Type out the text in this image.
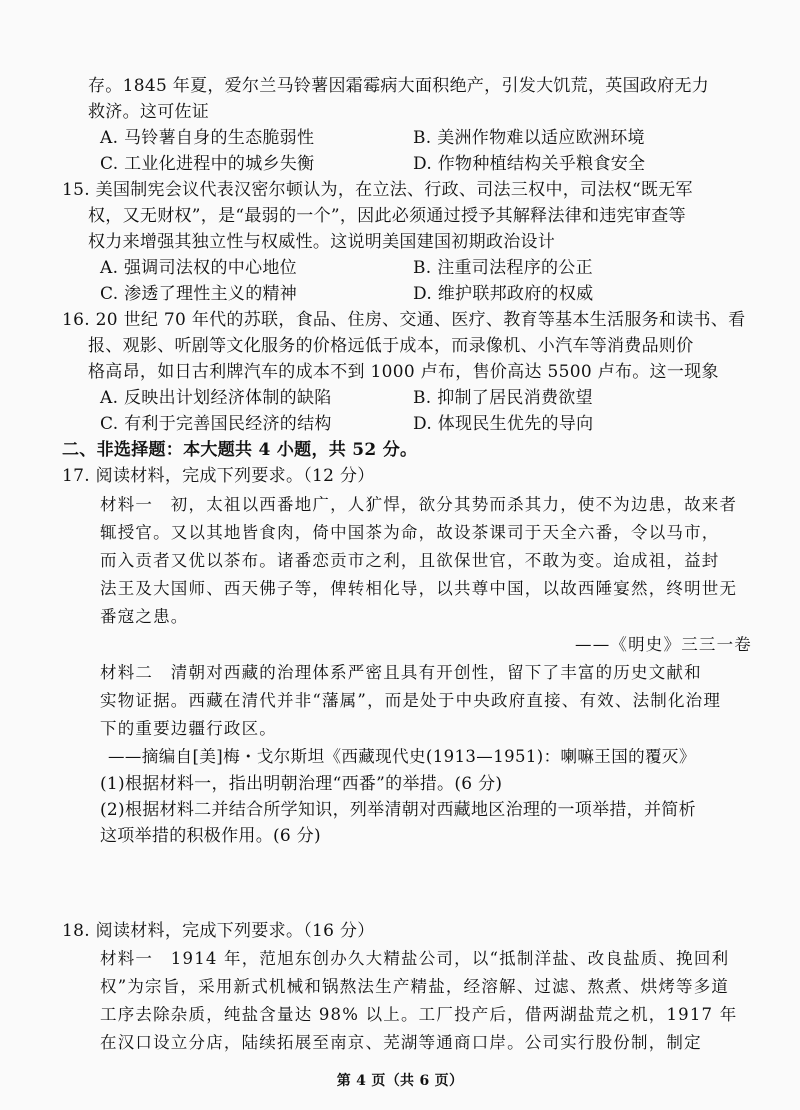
存。1845 年夏，爱尔兰马铃薯因霜霉病大面积绝产，引发大饥荒，英国政府无力
救济。这可佐证
A. 马铃薯自身的生态脆弱性	B. 美洲作物难以适应欧洲环境
C. 工业化进程中的城乡失衡	D. 作物种植结构关乎粮食安全
15. 美国制宪会议代表汉密尔顿认为，在立法、行政、司法三权中，司法权“既无军
权，又无财权”，是“最弱的一个”，因此必须通过授予其解释法律和违宪审查等
权力来增强其独立性与权威性。这说明美国建国初期政治设计
A. 强调司法权的中心地位	B. 注重司法程序的公正
C. 渗透了理性主义的精神	D. 维护联邦政府的权威
16. 20 世纪 70 年代的苏联，食品、住房、交通、医疗、教育等基本生活服务和读书、看
报、观影、听剧等文化服务的价格远低于成本，而录像机、小汽车等消费品则价
格高昂，如日古利牌汽车的成本不到 1000 卢布，售价高达 5500 卢布。这一现象
A. 反映出计划经济体制的缺陷	B. 抑制了居民消费欲望
C. 有利于完善国民经济的结构	D. 体现民生优先的导向
二、非选择题：本大题共 4 小题，共 52 分。
17. 阅读材料，完成下列要求。（12 分）
材料一　初，太祖以西番地广，人犷悍，欲分其势而杀其力，使不为边患，故来者
辄授官。又以其地皆食肉，倚中国茶为命，故设茶课司于天全六番，令以马市，
而入贡者又优以茶布。诸番恋贡市之利，且欲保世官，不敢为变。迨成祖，益封
法王及大国师、西天佛子等，俾转相化导，以共尊中国，以故西陲宴然，终明世无
番寇之患。
——《明史》三三一卷
材料二　清朝对西藏的治理体系严密且具有开创性，留下了丰富的历史文献和
实物证据。西藏在清代并非“藩属”，而是处于中央政府直接、有效、法制化治理
下的重要边疆行政区。
——摘编自[美]梅・戈尔斯坦《西藏现代史(1913—1951)：喇嘛王国的覆灭》
(1)根据材料一，指出明朝治理“西番”的举措。(6 分)
(2)根据材料二并结合所学知识，列举清朝对西藏地区治理的一项举措，并简析
这项举措的积极作用。(6 分)
18. 阅读材料，完成下列要求。（16 分）
材料一　1914 年，范旭东创办久大精盐公司，以“抵制洋盐、改良盐质、挽回利
权”为宗旨，采用新式机械和锅熬法生产精盐，经溶解、过滤、熬煮、烘烤等多道
工序去除杂质，纯盐含量达 98% 以上。工厂投产后，借两湖盐荒之机，1917 年
在汉口设立分店，陆续拓展至南京、芜湖等通商口岸。公司实行股份制，制定
第 4 页（共 6 页）
